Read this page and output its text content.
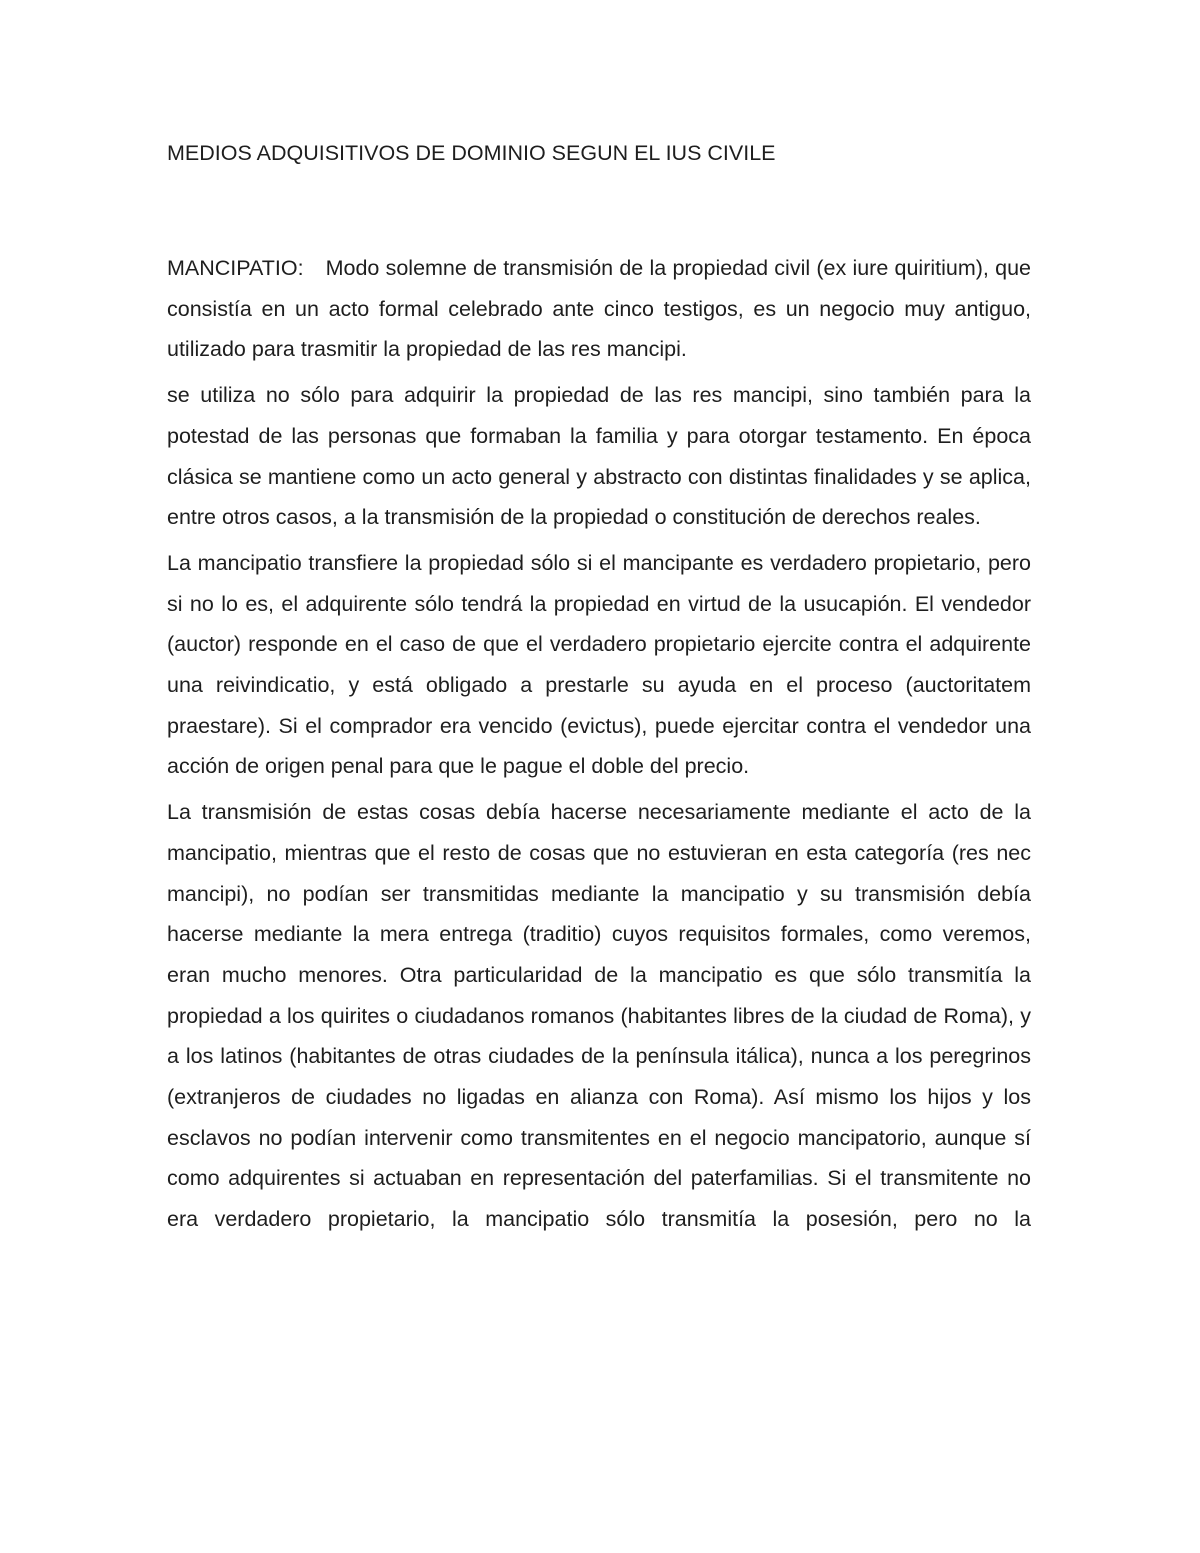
MEDIOS ADQUISITIVOS DE DOMINIO SEGUN EL IUS CIVILE

MANCIPATIO: Modo solemne de transmisión de la propiedad civil (ex iure quiritium), que consistía en un acto formal celebrado ante cinco testigos, es un negocio muy antiguo, utilizado para trasmitir la propiedad de las res mancipi.

se utiliza no sólo para adquirir la propiedad de las res mancipi, sino también para la potestad de las personas que formaban la familia y para otorgar testamento. En época clásica se mantiene como un acto general y abstracto con distintas finalidades y se aplica, entre otros casos, a la transmisión de la propiedad o constitución de derechos reales.

La mancipatio transfiere la propiedad sólo si el mancipante es verdadero propietario, pero si no lo es, el adquirente sólo tendrá la propiedad en virtud de la usucapión. El vendedor (auctor) responde en el caso de que el verdadero propietario ejercite contra el adquirente una reivindicatio, y está obligado a prestarle su ayuda en el proceso (auctoritatem praestare). Si el comprador era vencido (evictus), puede ejercitar contra el vendedor una acción de origen penal para que le pague el doble del precio.

La transmisión de estas cosas debía hacerse necesariamente mediante el acto de la mancipatio, mientras que el resto de cosas que no estuvieran en esta categoría (res nec mancipi), no podían ser transmitidas mediante la mancipatio y su transmisión debía hacerse mediante la mera entrega (traditio) cuyos requisitos formales, como veremos, eran mucho menores. Otra particularidad de la mancipatio es que sólo transmitía la propiedad a los quirites o ciudadanos romanos (habitantes libres de la ciudad de Roma), y a los latinos (habitantes de otras ciudades de la península itálica), nunca a los peregrinos (extranjeros de ciudades no ligadas en alianza con Roma). Así mismo los hijos y los esclavos no podían intervenir como transmitentes en el negocio mancipatorio, aunque sí como adquirentes si actuaban en representación del paterfamilias. Si el transmitente no era verdadero propietario, la mancipatio sólo transmitía la posesión, pero no la
